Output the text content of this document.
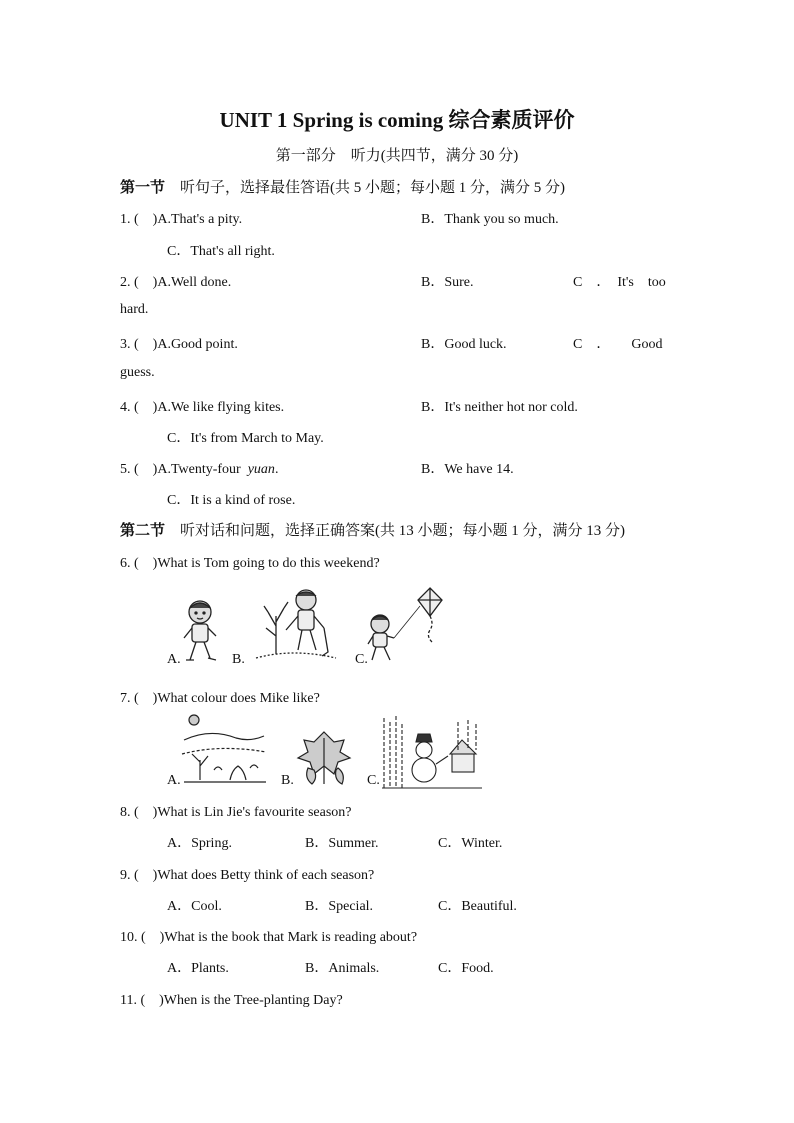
UNIT 1 Spring is coming 综合素质评价
第一部分　听力(共四节，满分 30 分)
第一节　听句子，选择最佳答语(共 5 小题；每小题 1 分，满分 5 分)
1. (　)A.That's a pity.	B．Thank you so much.
C．That's all right.
2. (　)A.Well done.	B．Sure.	C　．　It's　too
hard.
3. (　)A.Good point.	B．Good luck.	C　．　　Good
guess.
4. (　)A.We like flying kites.	B．It's neither hot nor cold.
C．It's from March to May.
5. (　)A.Twenty-four yuan.	B．We have 14.
C．It is a kind of rose.
第二节　听对话和问题，选择正确答案(共 13 小题；每小题 1 分，满分 13 分)
6. (　)What is Tom going to do this weekend?
A.	B.	C.
7. (　)What colour does Mike like?
A.	B.	C.
8. (　)What is Lin Jie's favourite season?
A．Spring.	B．Summer.	C．Winter.
9. (　)What does Betty think of each season?
A．Cool.	B．Special.	C．Beautiful.
10. (　)What is the book that Mark is reading about?
A．Plants.	B．Animals.	C．Food.
11. (　)When is the Tree-planting Day?
